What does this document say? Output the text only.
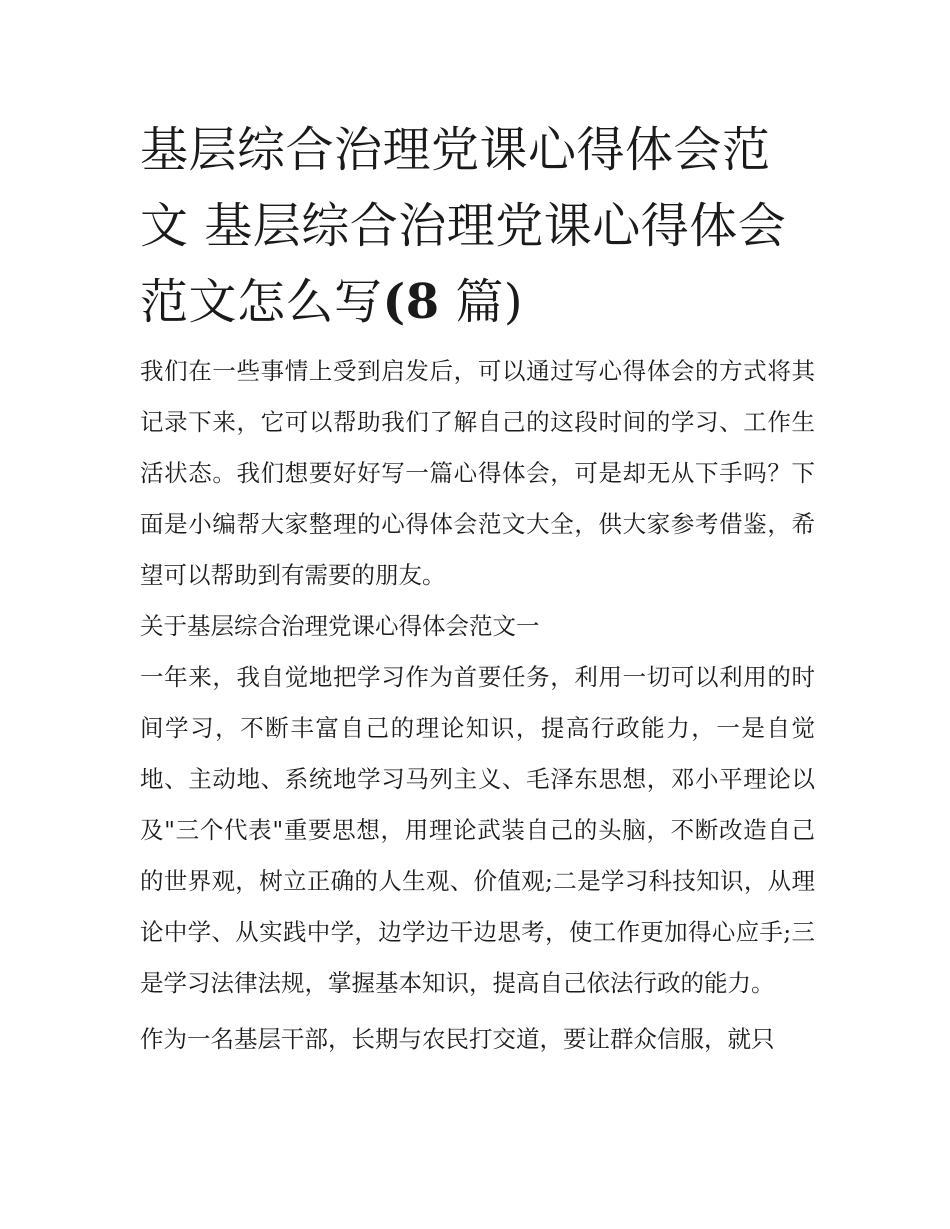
基层综合治理党课心得体会范文 基层综合治理党课心得体会范文怎么写(8 篇)

我们在一些事情上受到启发后，可以通过写心得体会的方式将其记录下来，它可以帮助我们了解自己的这段时间的学习、工作生活状态。我们想要好好写一篇心得体会，可是却无从下手吗？下面是小编帮大家整理的心得体会范文大全，供大家参考借鉴，希望可以帮助到有需要的朋友。

关于基层综合治理党课心得体会范文一

一年来，我自觉地把学习作为首要任务，利用一切可以利用的时间学习，不断丰富自己的理论知识，提高行政能力，一是自觉地、主动地、系统地学习马列主义、毛泽东思想，邓小平理论以及"三个代表"重要思想，用理论武装自己的头脑，不断改造自己的世界观，树立正确的人生观、价值观;二是学习科技知识，从理论中学、从实践中学，边学边干边思考，使工作更加得心应手;三是学习法律法规，掌握基本知识，提高自己依法行政的能力。

作为一名基层干部，长期与农民打交道，要让群众信服，就只
